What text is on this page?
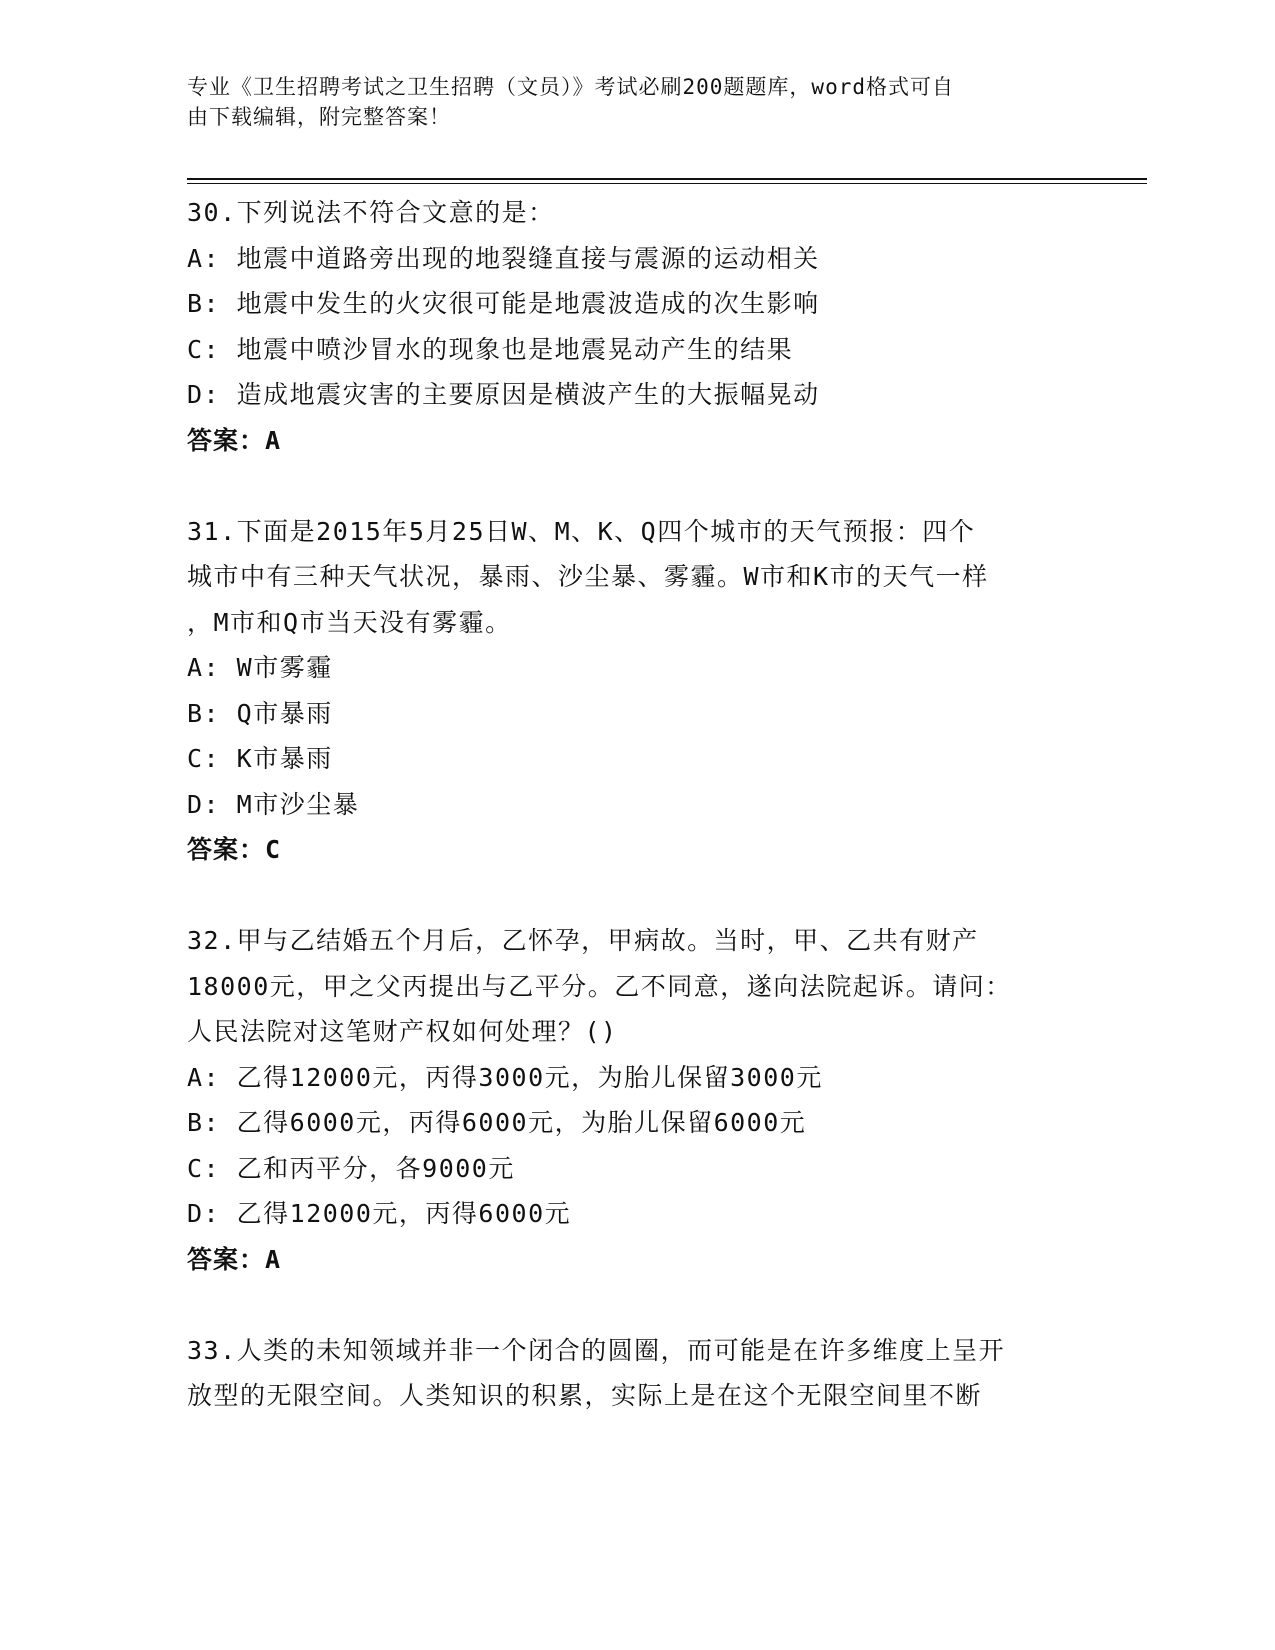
专业《卫生招聘考试之卫生招聘（文员）》考试必刷200题题库，word格式可自
由下载编辑，附完整答案！
30.下列说法不符合文意的是：
A: 地震中道路旁出现的地裂缝直接与震源的运动相关
B: 地震中发生的火灾很可能是地震波造成的次生影响
C: 地震中喷沙冒水的现象也是地震晃动产生的结果
D: 造成地震灾害的主要原因是横波产生的大振幅晃动
答案：A
31.下面是2015年5月25日W、M、K、Q四个城市的天气预报：四个
城市中有三种天气状况，暴雨、沙尘暴、雾霾。W市和K市的天气一样
，M市和Q市当天没有雾霾。
A: W市雾霾
B: Q市暴雨
C: K市暴雨
D: M市沙尘暴
答案：C
32.甲与乙结婚五个月后，乙怀孕，甲病故。当时，甲、乙共有财产
18000元，甲之父丙提出与乙平分。乙不同意，遂向法院起诉。请问：
人民法院对这笔财产权如何处理？()
A: 乙得12000元，丙得3000元，为胎儿保留3000元
B: 乙得6000元，丙得6000元，为胎儿保留6000元
C: 乙和丙平分，各9000元
D: 乙得12000元，丙得6000元
答案：A
33.人类的未知领域并非一个闭合的圆圈，而可能是在许多维度上呈开
放型的无限空间。人类知识的积累，实际上是在这个无限空间里不断
